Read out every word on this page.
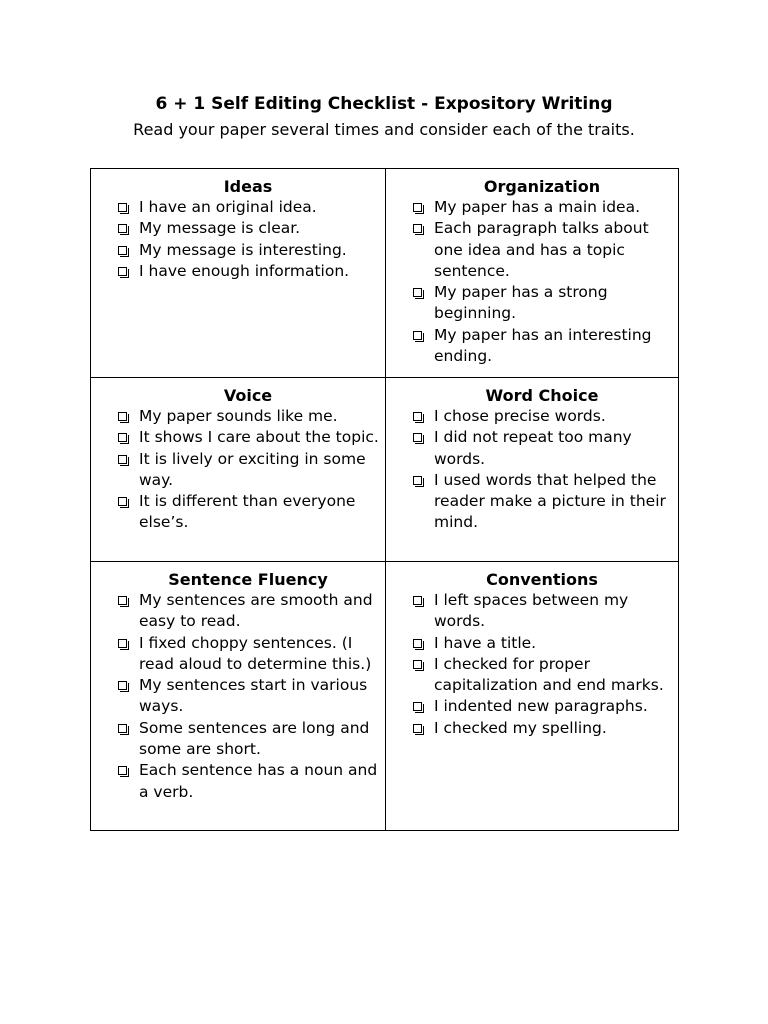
6 + 1 Self Editing Checklist - Expository Writing
Read your paper several times and consider each of the traits.
Ideas
I have an original idea.
My message is clear.
My message is interesting.
I have enough information.
Organization
My paper has a main idea.
Each paragraph talks about one idea and has a topic sentence.
My paper has a strong beginning.
My paper has an interesting ending.
Voice
My paper sounds like me.
It shows I care about the topic.
It is lively or exciting in some way.
It is different than everyone else’s.
Word Choice
I chose precise words.
I did not repeat too many words.
I used words that helped the reader make a picture in their mind.
Sentence Fluency
My sentences are smooth and easy to read.
I fixed choppy sentences. (I read aloud to determine this.)
My sentences start in various ways.
Some sentences are long and some are short.
Each sentence has a noun and a verb.
Conventions
I left spaces between my words.
I have a title.
I checked for proper capitalization and end marks.
I indented new paragraphs.
I checked my spelling.
